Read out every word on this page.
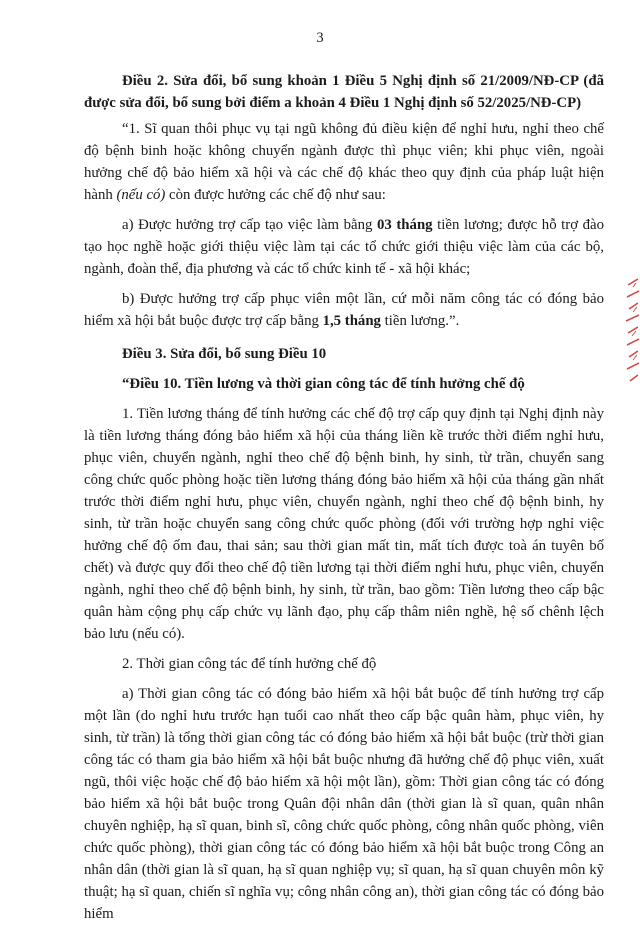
3

Điều 2. Sửa đổi, bổ sung khoản 1 Điều 5 Nghị định số 21/2009/NĐ-CP (đã được sửa đổi, bổ sung bởi điểm a khoản 4 Điều 1 Nghị định số 52/2025/NĐ-CP)

“1. Sĩ quan thôi phục vụ tại ngũ không đủ điều kiện để nghỉ hưu, nghỉ theo chế độ bệnh binh hoặc không chuyển ngành được thì phục viên; khi phục viên, ngoài hưởng chế độ bảo hiểm xã hội và các chế độ khác theo quy định của pháp luật hiện hành (nếu có) còn được hưởng các chế độ như sau:

a) Được hưởng trợ cấp tạo việc làm bằng 03 tháng tiền lương; được hỗ trợ đào tạo học nghề hoặc giới thiệu việc làm tại các tổ chức giới thiệu việc làm của các bộ, ngành, đoàn thể, địa phương và các tổ chức kinh tế - xã hội khác;

b) Được hưởng trợ cấp phục viên một lần, cứ mỗi năm công tác có đóng bảo hiểm xã hội bắt buộc được trợ cấp bằng 1,5 tháng tiền lương.”.

Điều 3. Sửa đổi, bổ sung Điều 10

“Điều 10. Tiền lương và thời gian công tác để tính hưởng chế độ

1. Tiền lương tháng để tính hưởng các chế độ trợ cấp quy định tại Nghị định này là tiền lương tháng đóng bảo hiểm xã hội của tháng liền kề trước thời điểm nghỉ hưu, phục viên, chuyển ngành, nghỉ theo chế độ bệnh binh, hy sinh, từ trần, chuyển sang công chức quốc phòng hoặc tiền lương tháng đóng bảo hiểm xã hội của tháng gần nhất trước thời điểm nghỉ hưu, phục viên, chuyển ngành, nghỉ theo chế độ bệnh binh, hy sinh, từ trần hoặc chuyển sang công chức quốc phòng (đối với trường hợp nghỉ việc hưởng chế độ ốm đau, thai sản; sau thời gian mất tin, mất tích được toà án tuyên bố chết) và được quy đổi theo chế độ tiền lương tại thời điểm nghỉ hưu, phục viên, chuyển ngành, nghỉ theo chế độ bệnh binh, hy sinh, từ trần, bao gồm: Tiền lương theo cấp bậc quân hàm cộng phụ cấp chức vụ lãnh đạo, phụ cấp thâm niên nghề, hệ số chênh lệch bảo lưu (nếu có).

2. Thời gian công tác để tính hưởng chế độ

a) Thời gian công tác có đóng bảo hiểm xã hội bắt buộc để tính hưởng trợ cấp một lần (do nghỉ hưu trước hạn tuổi cao nhất theo cấp bậc quân hàm, phục viên, hy sinh, từ trần) là tổng thời gian công tác có đóng bảo hiểm xã hội bắt buộc (trừ thời gian công tác có tham gia bảo hiểm xã hội bắt buộc nhưng đã hưởng chế độ phục viên, xuất ngũ, thôi việc hoặc chế độ bảo hiểm xã hội một lần), gồm: Thời gian công tác có đóng bảo hiểm xã hội bắt buộc trong Quân đội nhân dân (thời gian là sĩ quan, quân nhân chuyên nghiệp, hạ sĩ quan, binh sĩ, công chức quốc phòng, công nhân quốc phòng, viên chức quốc phòng), thời gian công tác có đóng bảo hiểm xã hội bắt buộc trong Công an nhân dân (thời gian là sĩ quan, hạ sĩ quan nghiệp vụ; sĩ quan, hạ sĩ quan chuyên môn kỹ thuật; hạ sĩ quan, chiến sĩ nghĩa vụ; công nhân công an), thời gian công tác có đóng bảo hiểm
